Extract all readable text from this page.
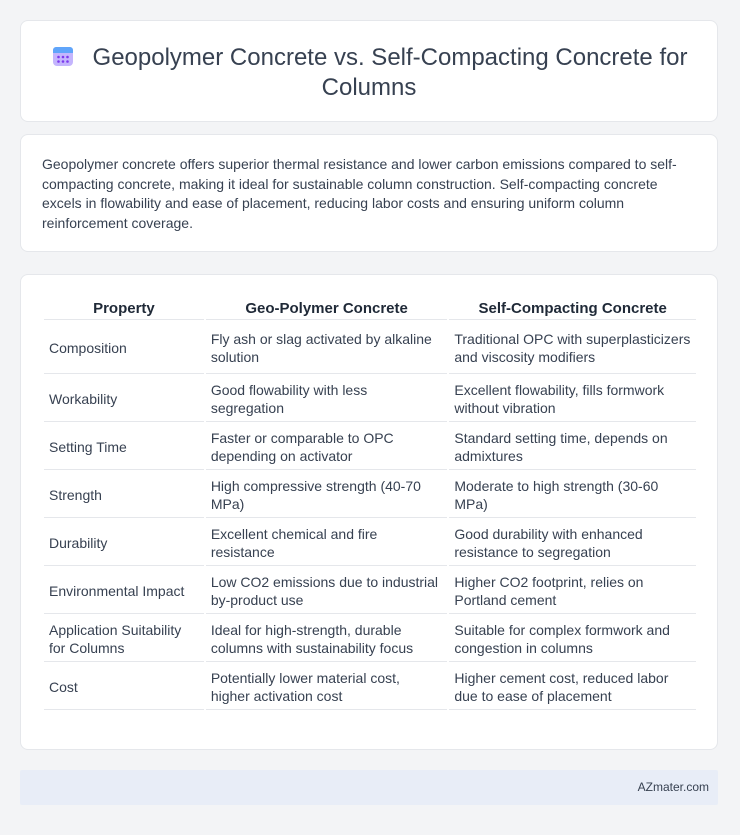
Geopolymer Concrete vs. Self-Compacting Concrete for Columns

Geopolymer concrete offers superior thermal resistance and lower carbon emissions compared to self-compacting concrete, making it ideal for sustainable column construction. Self-compacting concrete excels in flowability and ease of placement, reducing labor costs and ensuring uniform column reinforcement coverage.

Property	Geo-Polymer Concrete	Self-Compacting Concrete
Composition	Fly ash or slag activated by alkaline solution	Traditional OPC with superplasticizers and viscosity modifiers
Workability	Good flowability with less segregation	Excellent flowability, fills formwork without vibration
Setting Time	Faster or comparable to OPC depending on activator	Standard setting time, depends on admixtures
Strength	High compressive strength (40-70 MPa)	Moderate to high strength (30-60 MPa)
Durability	Excellent chemical and fire resistance	Good durability with enhanced resistance to segregation
Environmental Impact	Low CO2 emissions due to industrial by-product use	Higher CO2 footprint, relies on Portland cement
Application Suitability for Columns	Ideal for high-strength, durable columns with sustainability focus	Suitable for complex formwork and congestion in columns
Cost	Potentially lower material cost, higher activation cost	Higher cement cost, reduced labor due to ease of placement
AZmater.com
